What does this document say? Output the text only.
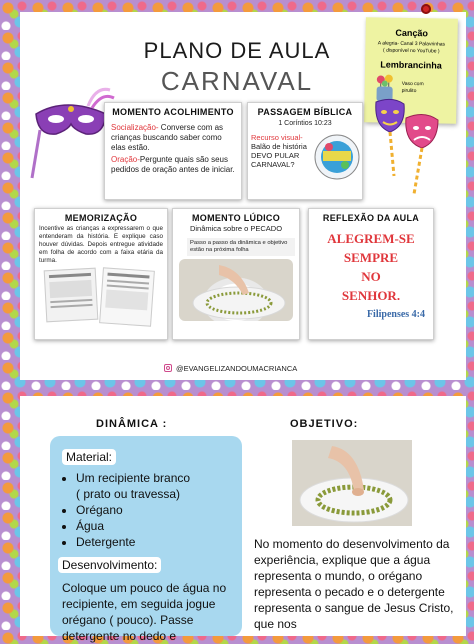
PLANO DE AULA
CARNAVAL
Canção
A alegria- Canal 3 Palavrinhas
( disponível no YouTube )
Lembrancinha
Vaso com
pirulito
MOMENTO ACOLHIMENTO
Socialização- Converse com as crianças buscando saber como elas estão.
Oração-Pergunte quais são seus pedidos de oração antes de iniciar.
PASSAGEM BÍBLICA
1 Coríntios 10:23
Recurso visual- Balão de história DEVO PULAR CARNAVAL?
MEMORIZAÇÃO
Incentive as crianças a expressarem o que entenderam da história. E explique caso houver dúvidas. Depois entregue atividade em folha de acordo com a faixa etária da turma.
MOMENTO LÚDICO
Dinâmica sobre o PECADO
Passo a passo da dinâmica e objetivo estão na próxima folha
REFLEXÃO DA AULA
ALEGREM-SE
SEMPRE
NO
SENHOR.
Filipenses 4:4
@EVANGELIZANDOUMACRIANCA
DINÂMICA :	OBJETIVO:
Material:
• Um recipiente branco
( prato ou travessa)
• Orégano
• Água
• Detergente
Desenvolvimento:
Coloque um pouco de água no recipiente, em seguida jogue orégano ( pouco). Passe detergente no dedo e
No momento do desenvolvimento da experiência, explique que a água representa o mundo, o orégano representa o pecado e o detergente representa o sangue de Jesus Cristo, que nos
